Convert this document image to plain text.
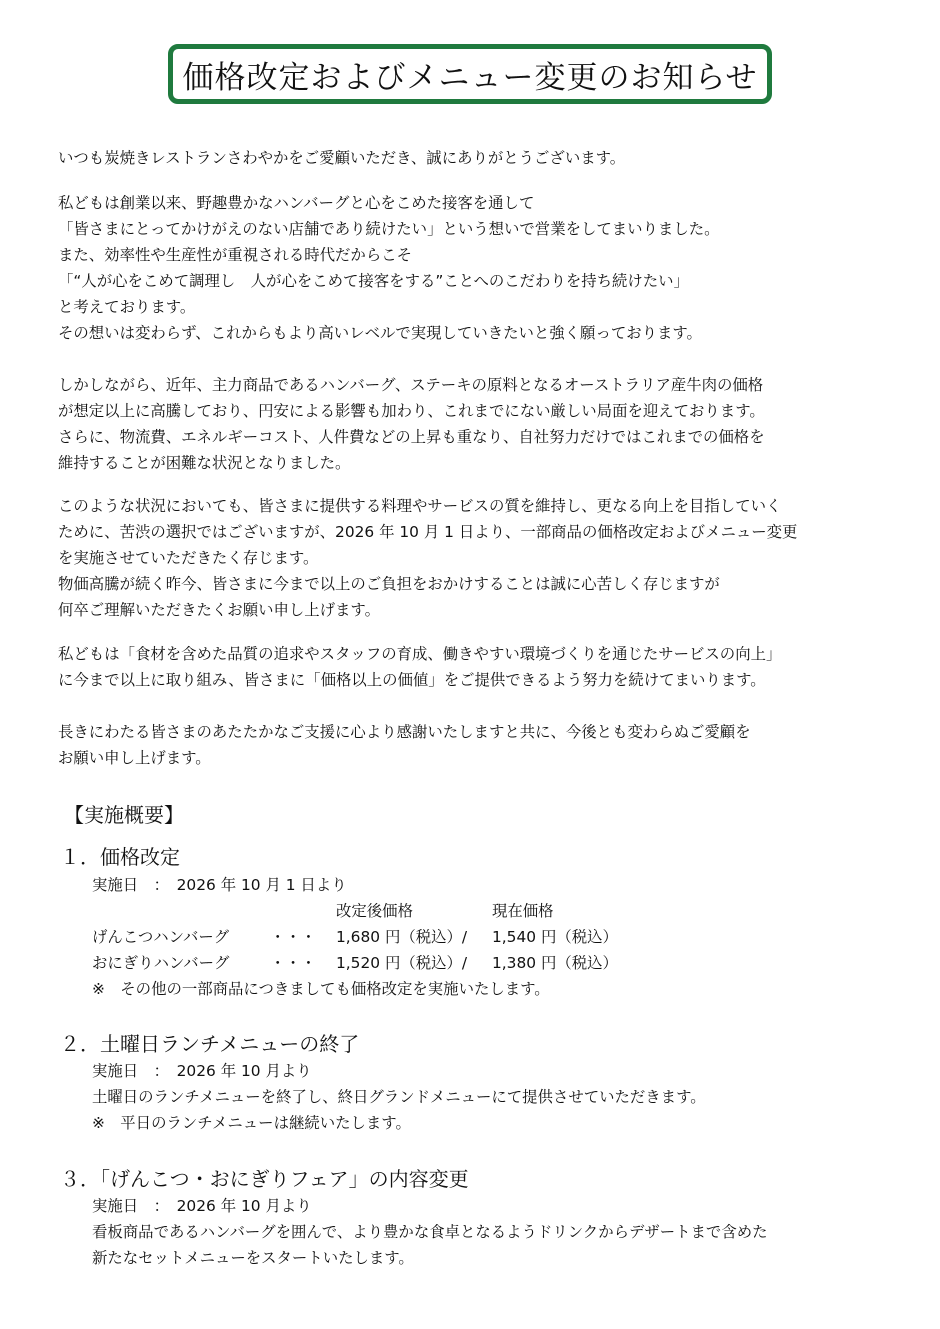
価格改定およびメニュー変更のお知らせ
いつも炭焼きレストランさわやかをご愛顧いただき、誠にありがとうございます。
私どもは創業以来、野趣豊かなハンバーグと心をこめた接客を通して
「皆さまにとってかけがえのない店舗であり続けたい」という想いで営業をしてまいりました。
また、効率性や生産性が重視される時代だからこそ
「“人が心をこめて調理し　人が心をこめて接客をする”ことへのこだわりを持ち続けたい」
と考えております。
その想いは変わらず、これからもより高いレベルで実現していきたいと強く願っております。
しかしながら、近年、主力商品であるハンバーグ、ステーキの原料となるオーストラリア産牛肉の価格
が想定以上に高騰しており、円安による影響も加わり、これまでにない厳しい局面を迎えております。
さらに、物流費、エネルギーコスト、人件費などの上昇も重なり、自社努力だけではこれまでの価格を
維持することが困難な状況となりました。
このような状況においても、皆さまに提供する料理やサービスの質を維持し、更なる向上を目指していく
ために、苦渋の選択ではございますが、2026 年 10 月 1 日より、一部商品の価格改定およびメニュー変更
を実施させていただきたく存じます。
物価高騰が続く昨今、皆さまに今まで以上のご負担をおかけすることは誠に心苦しく存じますが
何卒ご理解いただきたくお願い申し上げます。
私どもは「食材を含めた品質の追求やスタッフの育成、働きやすい環境づくりを通じたサービスの向上」
に今まで以上に取り組み、皆さまに「価格以上の価値」をご提供できるよう努力を続けてまいります。
長きにわたる皆さまのあたたかなご支援に心より感謝いたしますと共に、今後とも変わらぬご愛顧を
お願い申し上げます。
【実施概要】
１．価格改定
実施日　：　2026 年 10 月 1 日より
改定後価格	現在価格
げんこつハンバーグ	・・・ 1,680 円（税込）/ 1,540 円（税込）
おにぎりハンバーグ	・・・ 1,520 円（税込）/ 1,380 円（税込）
※　その他の一部商品につきましても価格改定を実施いたします。
２．土曜日ランチメニューの終了
実施日　：　2026 年 10 月より
土曜日のランチメニューを終了し、終日グランドメニューにて提供させていただきます。
※　平日のランチメニューは継続いたします。
３．「げんこつ・おにぎりフェア」の内容変更
実施日　：　2026 年 10 月より
看板商品であるハンバーグを囲んで、より豊かな食卓となるようドリンクからデザートまで含めた
新たなセットメニューをスタートいたします。
